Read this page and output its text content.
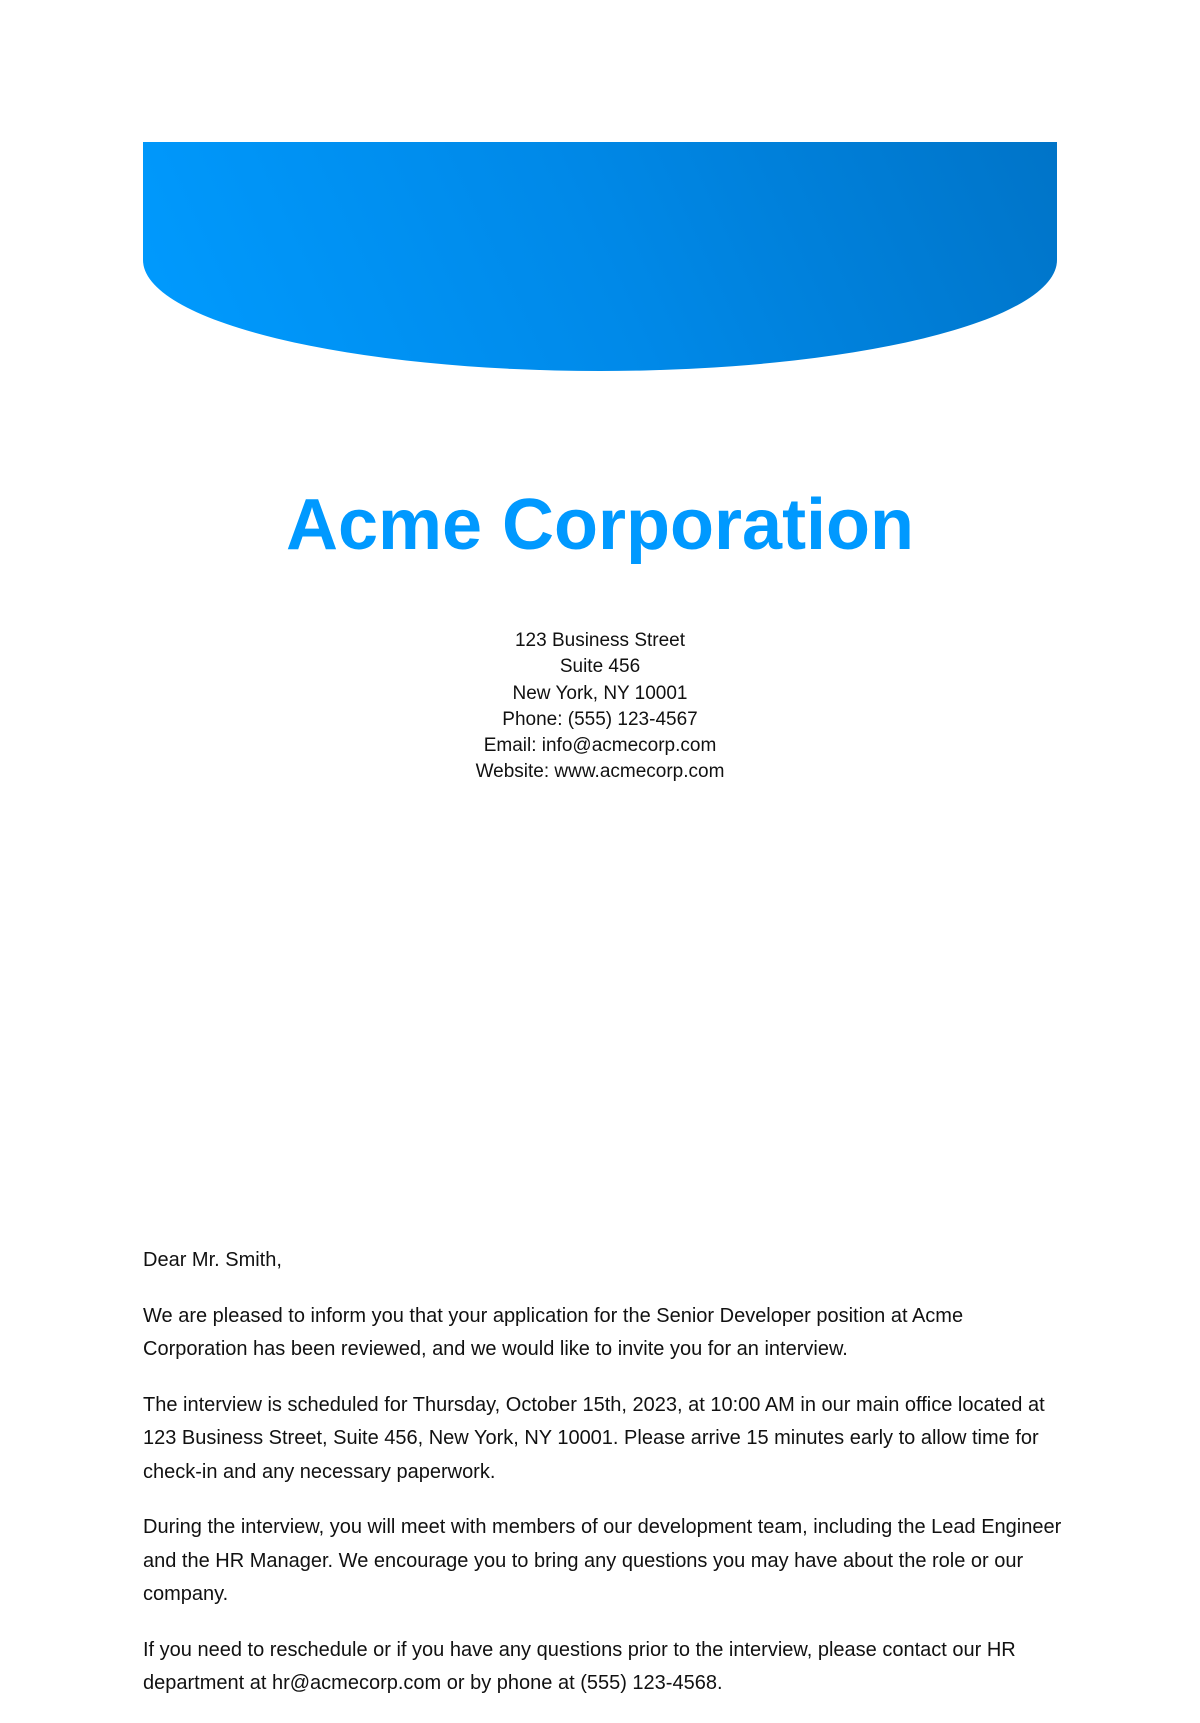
Acme Corporation
123 Business Street
Suite 456
New York, NY 10001
Phone: (555) 123-4567
Email: info@acmecorp.com
Website: www.acmecorp.com

Dear Mr. Smith,

We are pleased to inform you that your application for the Senior Developer position at Acme Corporation has been reviewed, and we would like to invite you for an interview.

The interview is scheduled for Thursday, October 15th, 2023, at 10:00 AM in our main office located at 123 Business Street, Suite 456, New York, NY 10001. Please arrive 15 minutes early to allow time for check-in and any necessary paperwork.

During the interview, you will meet with members of our development team, including the Lead Engineer and the HR Manager. We encourage you to bring any questions you may have about the role or our company.

If you need to reschedule or if you have any questions prior to the interview, please contact our HR department at hr@acmecorp.com or by phone at (555) 123-4568.
